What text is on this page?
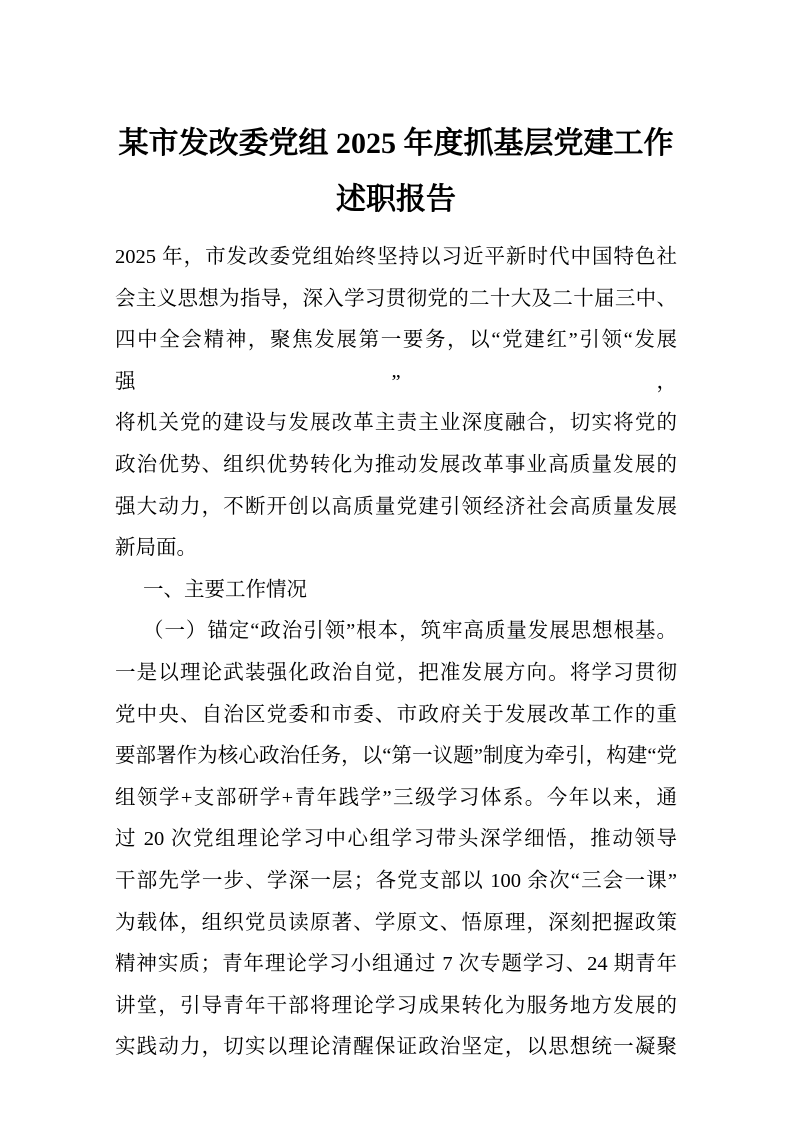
某市发改委党组 2025 年度抓基层党建工作
述职报告
2025 年，市发改委党组始终坚持以习近平新时代中国特色社
会主义思想为指导，深入学习贯彻党的二十大及二十届三中、
四中全会精神，聚焦发展第一要务，以“党建红”引领“发展强”，
将机关党的建设与发展改革主责主业深度融合，切实将党的
政治优势、组织优势转化为推动发展改革事业高质量发展的
强大动力，不断开创以高质量党建引领经济社会高质量发展
新局面。
一、主要工作情况
（一）锚定“政治引领”根本，筑牢高质量发展思想根基。
一是以理论武装强化政治自觉，把准发展方向。将学习贯彻
党中央、自治区党委和市委、市政府关于发展改革工作的重
要部署作为核心政治任务，以“第一议题”制度为牵引，构建“党
组领学+支部研学+青年践学”三级学习体系。今年以来，通
过 20 次党组理论学习中心组学习带头深学细悟，推动领导
干部先学一步、学深一层；各党支部以 100 余次“三会一课”
为载体，组织党员读原著、学原文、悟原理，深刻把握政策
精神实质；青年理论学习小组通过 7 次专题学习、24 期青年
讲堂，引导青年干部将理论学习成果转化为服务地方发展的
实践动力，切实以理论清醒保证政治坚定，以思想统一凝聚
